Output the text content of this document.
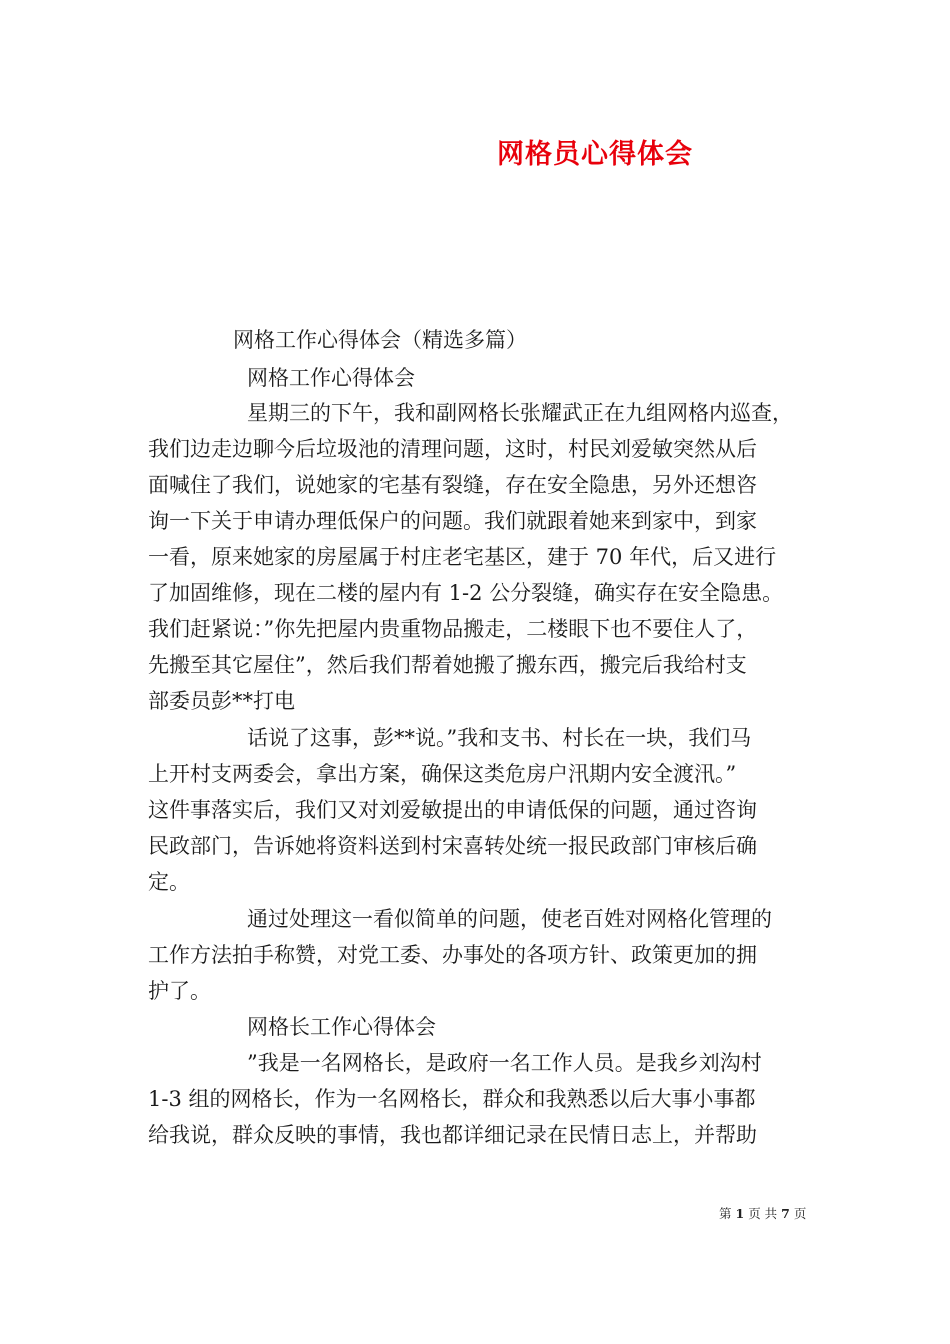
网格员心得体会
网格工作心得体会（精选多篇）
网格工作心得体会
星期三的下午，我和副网格长张耀武正在九组网格内巡查，
我们边走边聊今后垃圾池的清理问题，这时，村民刘爱敏突然从后
面喊住了我们，说她家的宅基有裂缝，存在安全隐患，另外还想咨
询一下关于申请办理低保户的问题。我们就跟着她来到家中，到家
一看，原来她家的房屋属于村庄老宅基区，建于 70 年代，后又进行
了加固维修，现在二楼的屋内有 1-2 公分裂缝，确实存在安全隐患。
我们赶紧说：”你先把屋内贵重物品搬走，二楼眼下也不要住人了，
先搬至其它屋住”，然后我们帮着她搬了搬东西，搬完后我给村支
部委员彭**打电
话说了这事，彭**说。”我和支书、村长在一块，我们马
上开村支两委会，拿出方案，确保这类危房户汛期内安全渡汛。”
这件事落实后，我们又对刘爱敏提出的申请低保的问题，通过咨询
民政部门，告诉她将资料送到村宋喜转处统一报民政部门审核后确
定。
通过处理这一看似简单的问题，使老百姓对网格化管理的
工作方法拍手称赞，对党工委、办事处的各项方针、政策更加的拥
护了。
网格长工作心得体会
”我是一名网格长，是政府一名工作人员。是我乡刘沟村
1-3 组的网格长，作为一名网格长，群众和我熟悉以后大事小事都
给我说，群众反映的事情，我也都详细记录在民情日志上，并帮助
第 1 页 共 7 页
